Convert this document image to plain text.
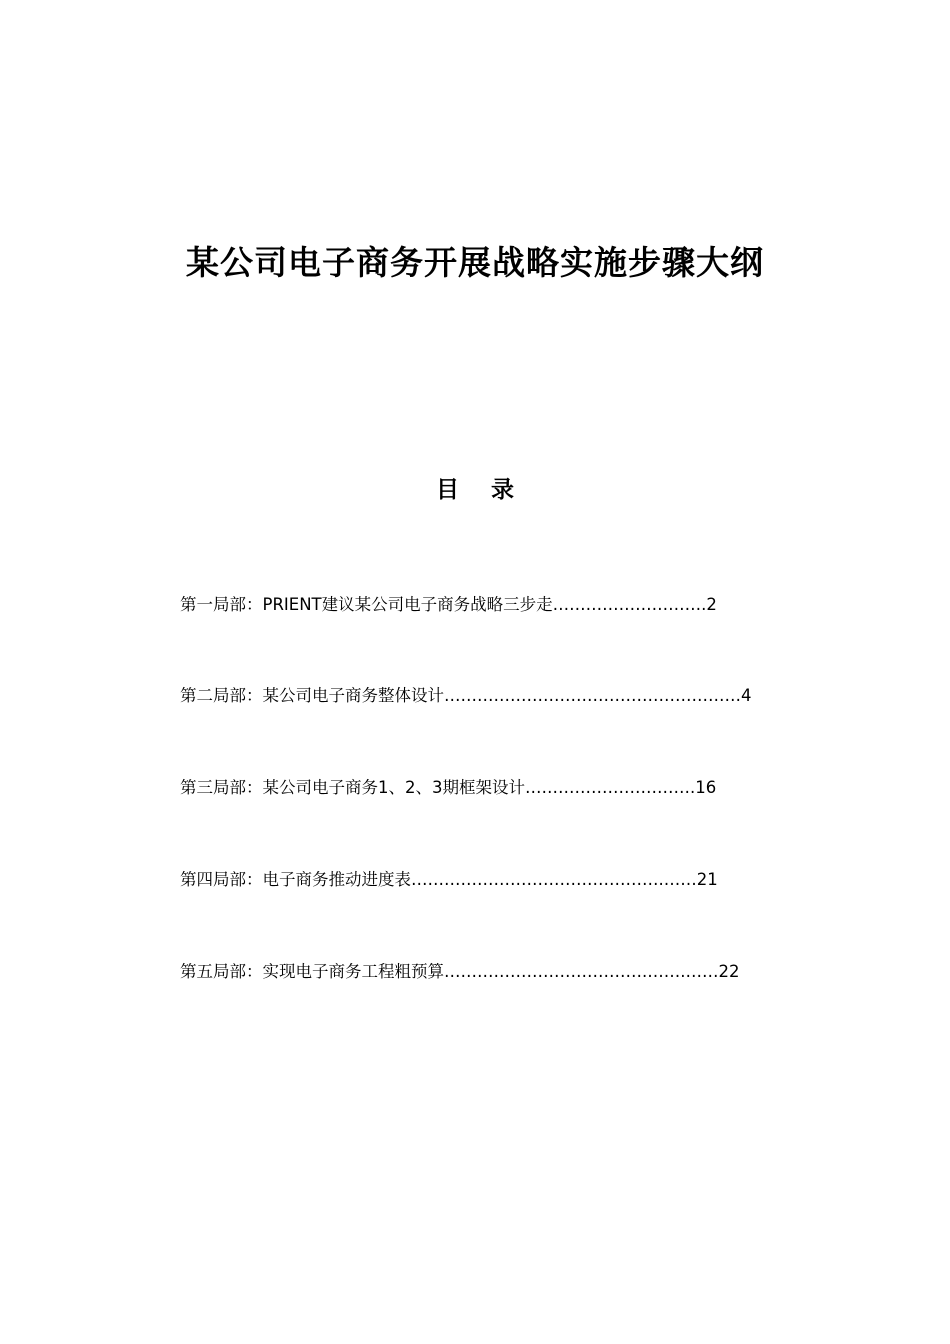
某公司电子商务开展战略实施步骤大纲
目    录
第一局部：PRIENT建议某公司电子商务战略三步走……………………….2
第二局部：某公司电子商务整体设计………………………………………………4
第三局部：某公司电子商务1、2、3期框架设计………………………….16
第四局部：电子商务推动进度表……………………………………….……21
第五局部：实现电子商务工程粗预算……………………………….…….……22
